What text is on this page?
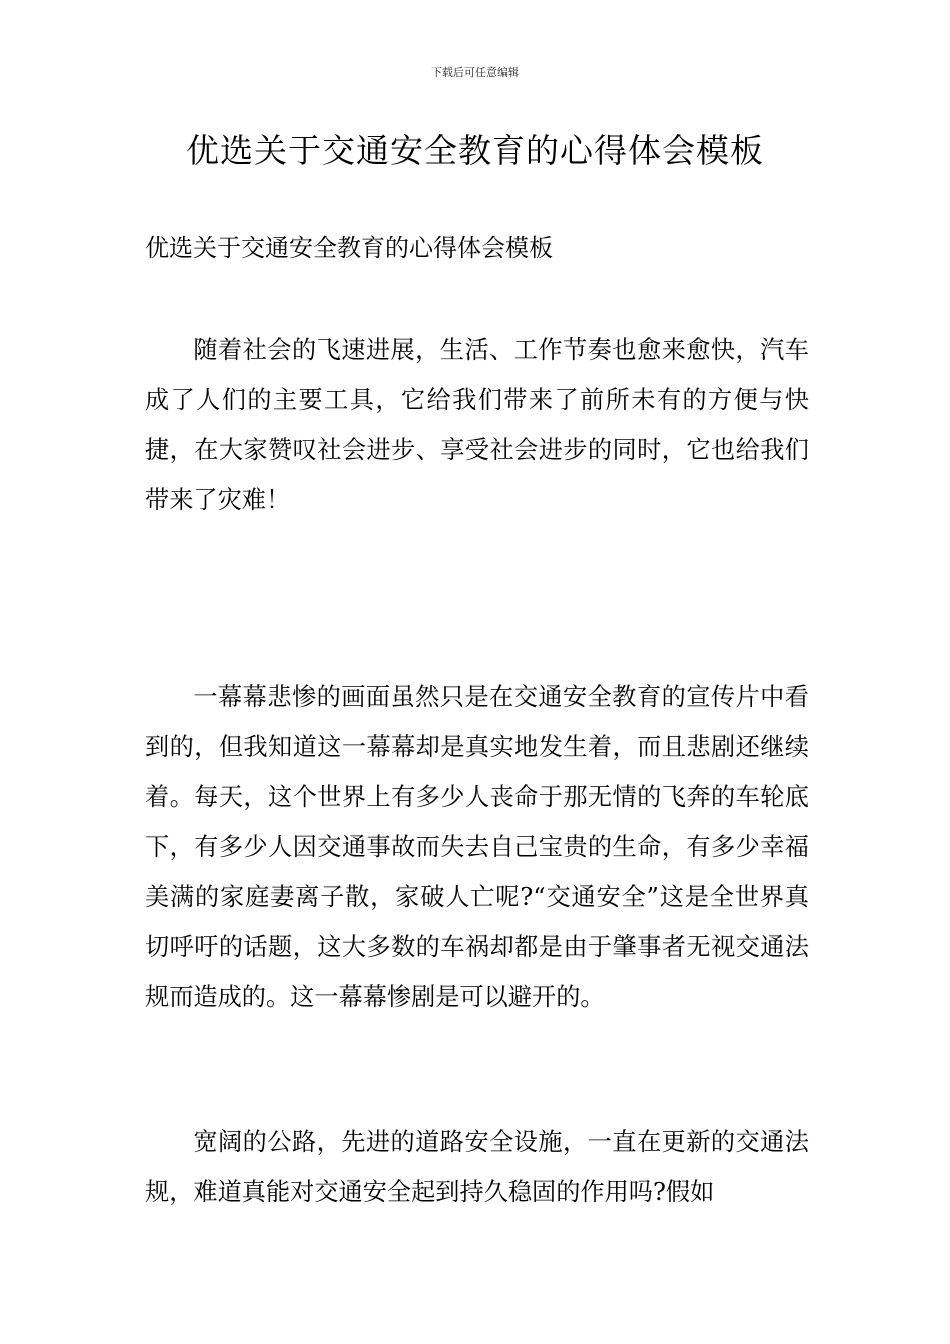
下载后可任意编辑
优选关于交通安全教育的心得体会模板

优选关于交通安全教育的心得体会模板

随着社会的飞速进展，生活、工作节奏也愈来愈快，汽车成了人们的主要工具，它给我们带来了前所未有的方便与快捷，在大家赞叹社会进步、享受社会进步的同时，它也给我们带来了灾难！

一幕幕悲惨的画面虽然只是在交通安全教育的宣传片中看到的，但我知道这一幕幕却是真实地发生着，而且悲剧还继续着。每天，这个世界上有多少人丧命于那无情的飞奔的车轮底下，有多少人因交通事故而失去自己宝贵的生命，有多少幸福美满的家庭妻离子散，家破人亡呢?“交通安全”这是全世界真切呼吁的话题，这大多数的车祸却都是由于肇事者无视交通法规而造成的。这一幕幕惨剧是可以避开的。

宽阔的公路，先进的道路安全设施，一直在更新的交通法规，难道真能对交通安全起到持久稳固的作用吗?假如
